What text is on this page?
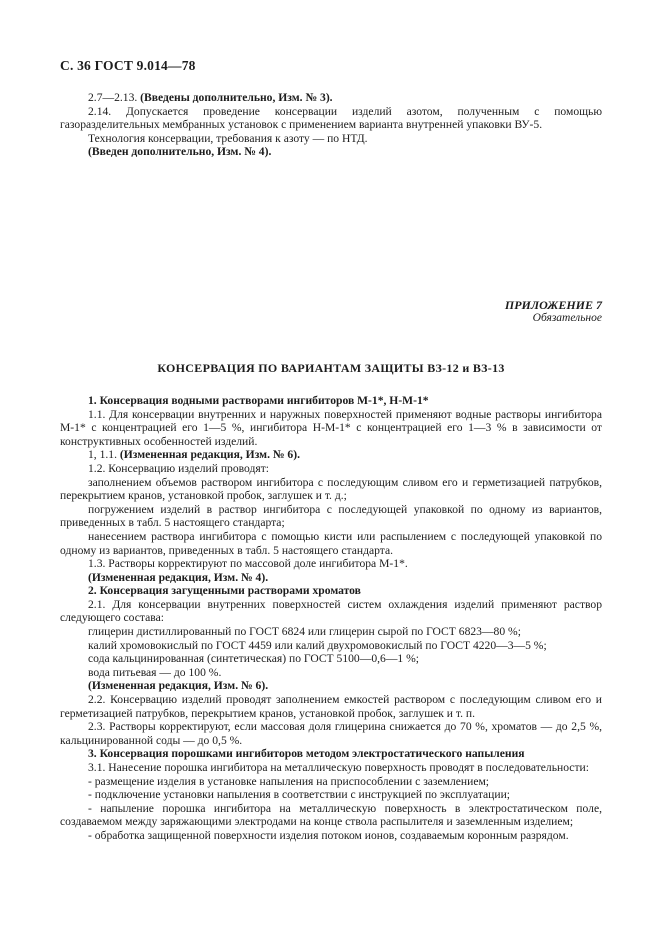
С. 36 ГОСТ 9.014—78

2.7—2.13. (Введены дополнительно, Изм. № 3).

2.14. Допускается проведение консервации изделий азотом, полученным с помощью газоразделительных мембранных установок с применением варианта внутренней упаковки ВУ-5.

Технология консервации, требования к азоту — по НТД.

(Введен дополнительно, Изм. № 4).

ПРИЛОЖЕНИЕ 7

Обязательное

КОНСЕРВАЦИЯ ПО ВАРИАНТАМ ЗАЩИТЫ ВЗ-12 и ВЗ-13

1. Консервация водными растворами ингибиторов М-1*, Н-М-1*

1.1. Для консервации внутренних и наружных поверхностей применяют водные растворы ингибитора М-1* с концентрацией его 1—5 %, ингибитора Н-М-1* с концентрацией его 1—3 % в зависимости от конструктивных особенностей изделий.

1, 1.1. (Измененная редакция, Изм. № 6).

1.2. Консервацию изделий проводят:

заполнением объемов раствором ингибитора с последующим сливом его и герметизацией патрубков, перекрытием кранов, установкой пробок, заглушек и т. д.;

погружением изделий в раствор ингибитора с последующей упаковкой по одному из вариантов, приведенных в табл. 5 настоящего стандарта;

нанесением раствора ингибитора с помощью кисти или распылением с последующей упаковкой по одному из вариантов, приведенных в табл. 5 настоящего стандарта.

1.3. Растворы корректируют по массовой доле ингибитора М-1*.

(Измененная редакция, Изм. № 4).

2. Консервация загущенными растворами хроматов

2.1. Для консервации внутренних поверхностей систем охлаждения изделий применяют раствор следующего состава:

глицерин дистиллированный по ГОСТ 6824 или глицерин сырой по ГОСТ 6823—80 %;

калий хромовокислый по ГОСТ 4459 или калий двухромовокислый по ГОСТ 4220—3—5 %;

сода кальцинированная (синтетическая) по ГОСТ 5100—0,6—1 %;

вода питьевая — до 100 %.

(Измененная редакция, Изм. № 6).

2.2. Консервацию изделий проводят заполнением емкостей раствором с последующим сливом его и герметизацией патрубков, перекрытием кранов, установкой пробок, заглушек и т. п.

2.3. Растворы корректируют, если массовая доля глицерина снижается до 70 %, хроматов — до 2,5 %, кальцинированной соды — до 0,5 %.

3. Консервация порошками ингибиторов методом электростатического напыления

3.1. Нанесение порошка ингибитора на металлическую поверхность проводят в последовательности:

- размещение изделия в установке напыления на приспособлении с заземлением;

- подключение установки напыления в соответствии с инструкцией по эксплуатации;

- напыление порошка ингибитора на металлическую поверхность в электростатическом поле, создаваемом между заряжающими электродами на конце ствола распылителя и заземленным изделием;

- обработка защищенной поверхности изделия потоком ионов, создаваемым коронным разрядом.
